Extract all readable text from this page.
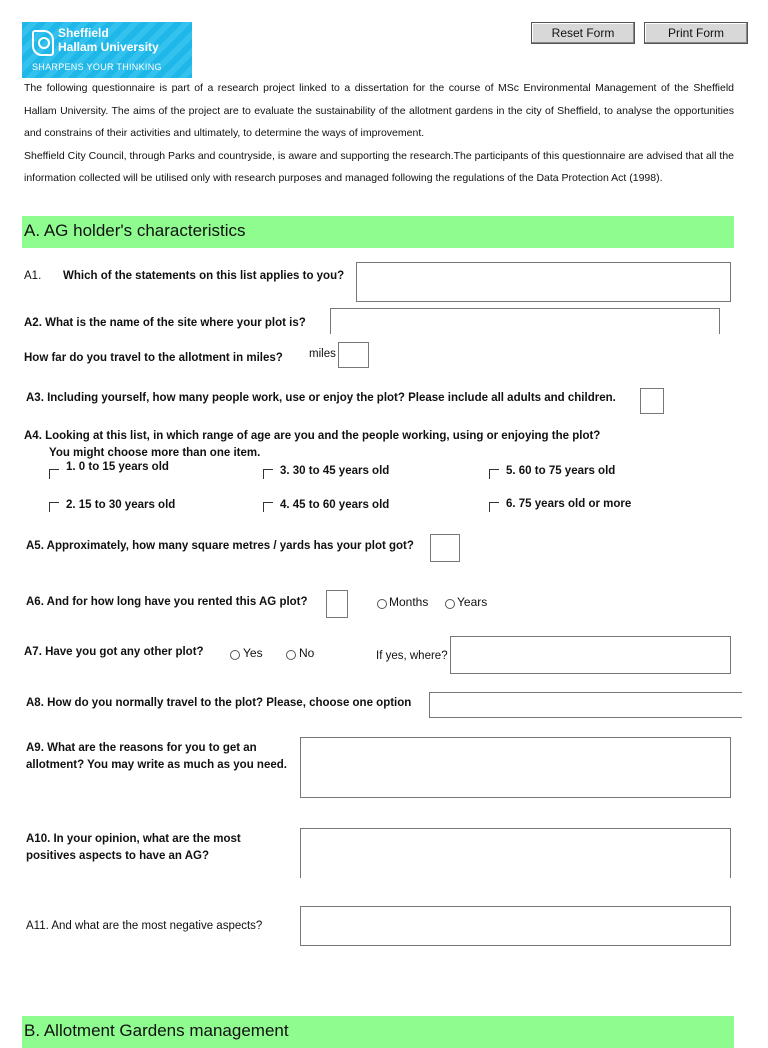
Sheffield
Hallam University
SHARPENS YOUR THINKING
Reset Form	Print Form

The following questionnaire is part of a research project linked to a dissertation for the course of MSc Environmental Management of the Sheffield Hallam University. The aims of the project are to evaluate the sustainability of the allotment gardens in the city of Sheffield, to analyse the opportunities and constrains of their activities and ultimately, to determine the ways of improvement.

Sheffield City Council, through Parks and countryside, is aware and supporting the research.The participants of this questionnaire are advised that all the information collected will be utilised only with research purposes and managed following the regulations of the Data Protection Act (1998).

A. AG holder's characteristics
A1. Which of the statements on this list applies to you?
A2. What is the name of the site where your plot is?
How far do you travel to the allotment in miles? miles
A3. Including yourself, how many people work, use or enjoy the plot? Please include all adults and children.
A4. Looking at this list, in which range of age are you and the people working, using or enjoying the plot?
You might choose more than one item.
1. 0 to 15 years old
2. 15 to 30 years old
3. 30 to 45 years old
4. 45 to 60 years old
5. 60 to 75 years old
6. 75 years old or more
A5. Approximately, how many square metres / yards has your plot got?
A6. And for how long have you rented this AG plot?	Months Years
A7. Have you got any other plot?	Yes	No	If yes, where?
A8. How do you normally travel to the plot? Please, choose one option
A9. What are the reasons for you to get an
allotment? You may write as much as you need.
A10. In your opinion, what are the most
positives aspects to have an AG?
A11. And what are the most negative aspects?
B. Allotment Gardens management
